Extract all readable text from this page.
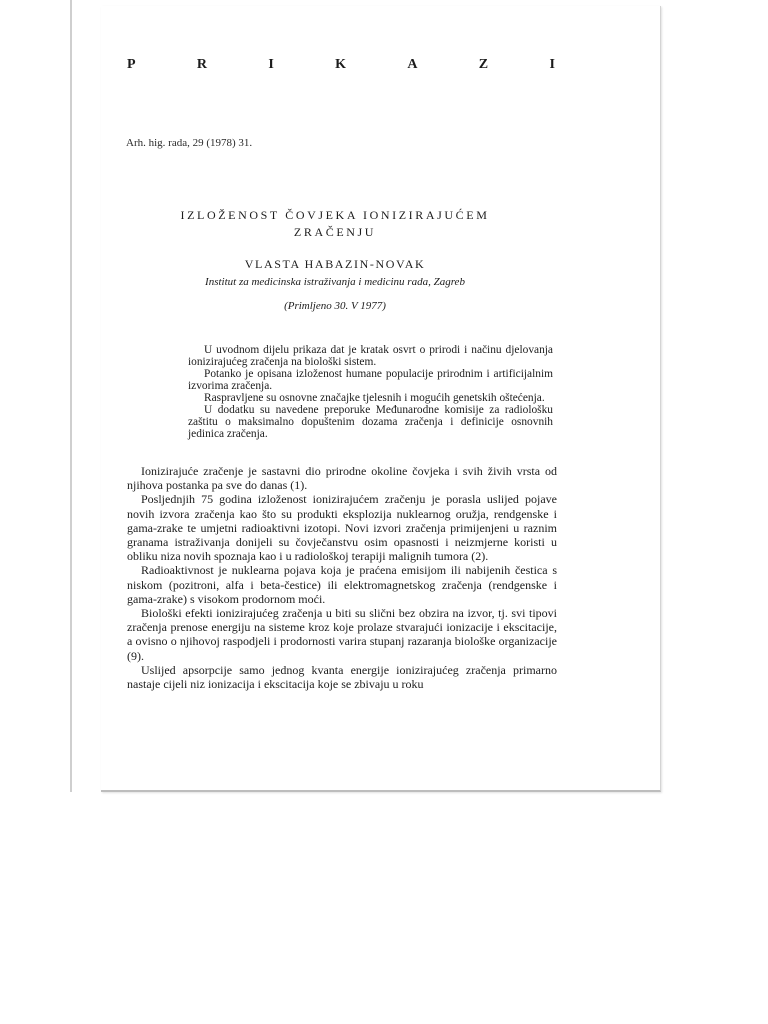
P	R	I	K	A	Z	I
Arh. hig. rada, 29 (1978) 31.
IZLOŽENOST ČOVJEKA IONIZIRAJUĆEM
ZRAČENJU
VLASTA HABAZIN-NOVAK
Institut za medicinska istraživanja i medicinu rada, Zagreb
(Primljeno 30. V 1977)

U uvodnom dijelu prikaza dat je kratak osvrt o prirodi i načinu djelovanja ionizirajućeg zračenja na biološki sistem.

Potanko je opisana izloženost humane populacije prirodnim i artificijalnim izvorima zračenja.

Raspravljene su osnovne značajke tjelesnih i mogućih genetskih oštećenja.

U dodatku su navedene preporuke Međunarodne komisije za radiološku zaštitu o maksimalno dopuštenim dozama zračenja i definicije osnovnih jedinica zračenja.

Ionizirajuće zračenje je sastavni dio prirodne okoline čovjeka i svih živih vrsta od njihova postanka pa sve do danas (1).

Posljednjih 75 godina izloženost ionizirajućem zračenju je porasla uslijed pojave novih izvora zračenja kao što su produkti eksplozija nuklearnog oružja, rendgenske i gama-zrake te umjetni radioaktivni izotopi. Novi izvori zračenja primijenjeni u raznim granama istraživanja donijeli su čovječanstvu osim opasnosti i neizmjerne koristi u obliku niza novih spoznaja kao i u radiološkoj terapiji malignih tumora (2).

Radioaktivnost je nuklearna pojava koja je praćena emisijom ili nabijenih čestica s niskom (pozitroni, alfa i beta-čestice) ili elektromagnetskog zračenja (rendgenske i gama-zrake) s visokom prodornom moći.

Biološki efekti ionizirajućeg zračenja u biti su slični bez obzira na izvor, tj. svi tipovi zračenja prenose energiju na sisteme kroz koje prolaze stvarajući ionizacije i ekscitacije, a ovisno o njihovoj raspodjeli i prodornosti varira stupanj razaranja biološke organizacije (9).

Uslijed apsorpcije samo jednog kvanta energije ionizirajućeg zračenja primarno nastaje cijeli niz ionizacija i ekscitacija koje se zbivaju u roku
